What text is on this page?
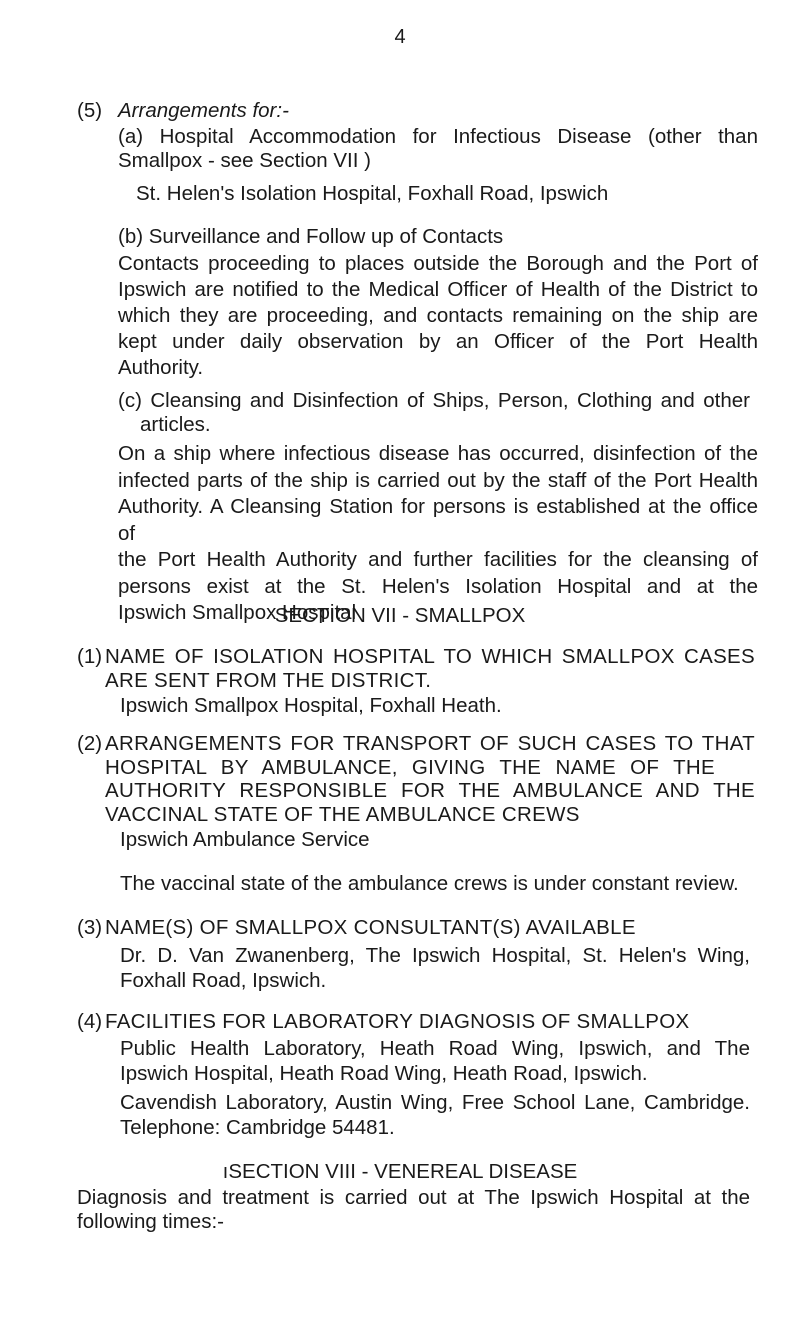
4
(5) Arrangements for:-
(a) Hospital Accommodation for Infectious Disease (other than
Smallpox - see Section VII )
St. Helen's Isolation Hospital, Foxhall Road, Ipswich
(b) Surveillance and Follow up of Contacts
Contacts proceeding to places outside the Borough and the Port of
Ipswich are notified to the Medical Officer of Health of the District to
which they are proceeding, and contacts remaining on the ship are
kept under daily observation by an Officer of the Port Health
Authority.
(c) Cleansing and Disinfection of Ships, Person, Clothing and other
articles.
On a ship where infectious disease has occurred, disinfection of the
infected parts of the ship is carried out by the staff of the Port Health
Authority. A Cleansing Station for persons is established at the office of
the Port Health Authority and further facilities for the cleansing of
persons exist at the St. Helen's Isolation Hospital and at the
Ipswich Smallpox Hospital
SECTION VII - SMALLPOX
(1) NAME OF ISOLATION HOSPITAL TO WHICH SMALLPOX CASES
ARE SENT FROM THE DISTRICT.
Ipswich Smallpox Hospital, Foxhall Heath.
(2) ARRANGEMENTS FOR TRANSPORT OF SUCH CASES TO THAT
HOSPITAL BY AMBULANCE, GIVING THE NAME OF THE
AUTHORITY RESPONSIBLE FOR THE AMBULANCE AND THE
VACCINAL STATE OF THE AMBULANCE CREWS
Ipswich Ambulance Service
The vaccinal state of the ambulance crews is under constant review.
(3) NAME(S) OF SMALLPOX CONSULTANT(S) AVAILABLE
Dr. D. Van Zwanenberg, The Ipswich Hospital, St. Helen's Wing,
Foxhall Road, Ipswich.
(4) FACILITIES FOR LABORATORY DIAGNOSIS OF SMALLPOX
Public Health Laboratory, Heath Road Wing, Ipswich, and The
Ipswich Hospital, Heath Road Wing, Heath Road, Ipswich.
Cavendish Laboratory, Austin Wing, Free School Lane, Cambridge.
Telephone: Cambridge 54481.
ıSECTION VIII - VENEREAL DISEASE
Diagnosis and treatment is carried out at The Ipswich Hospital at the
following times:-
